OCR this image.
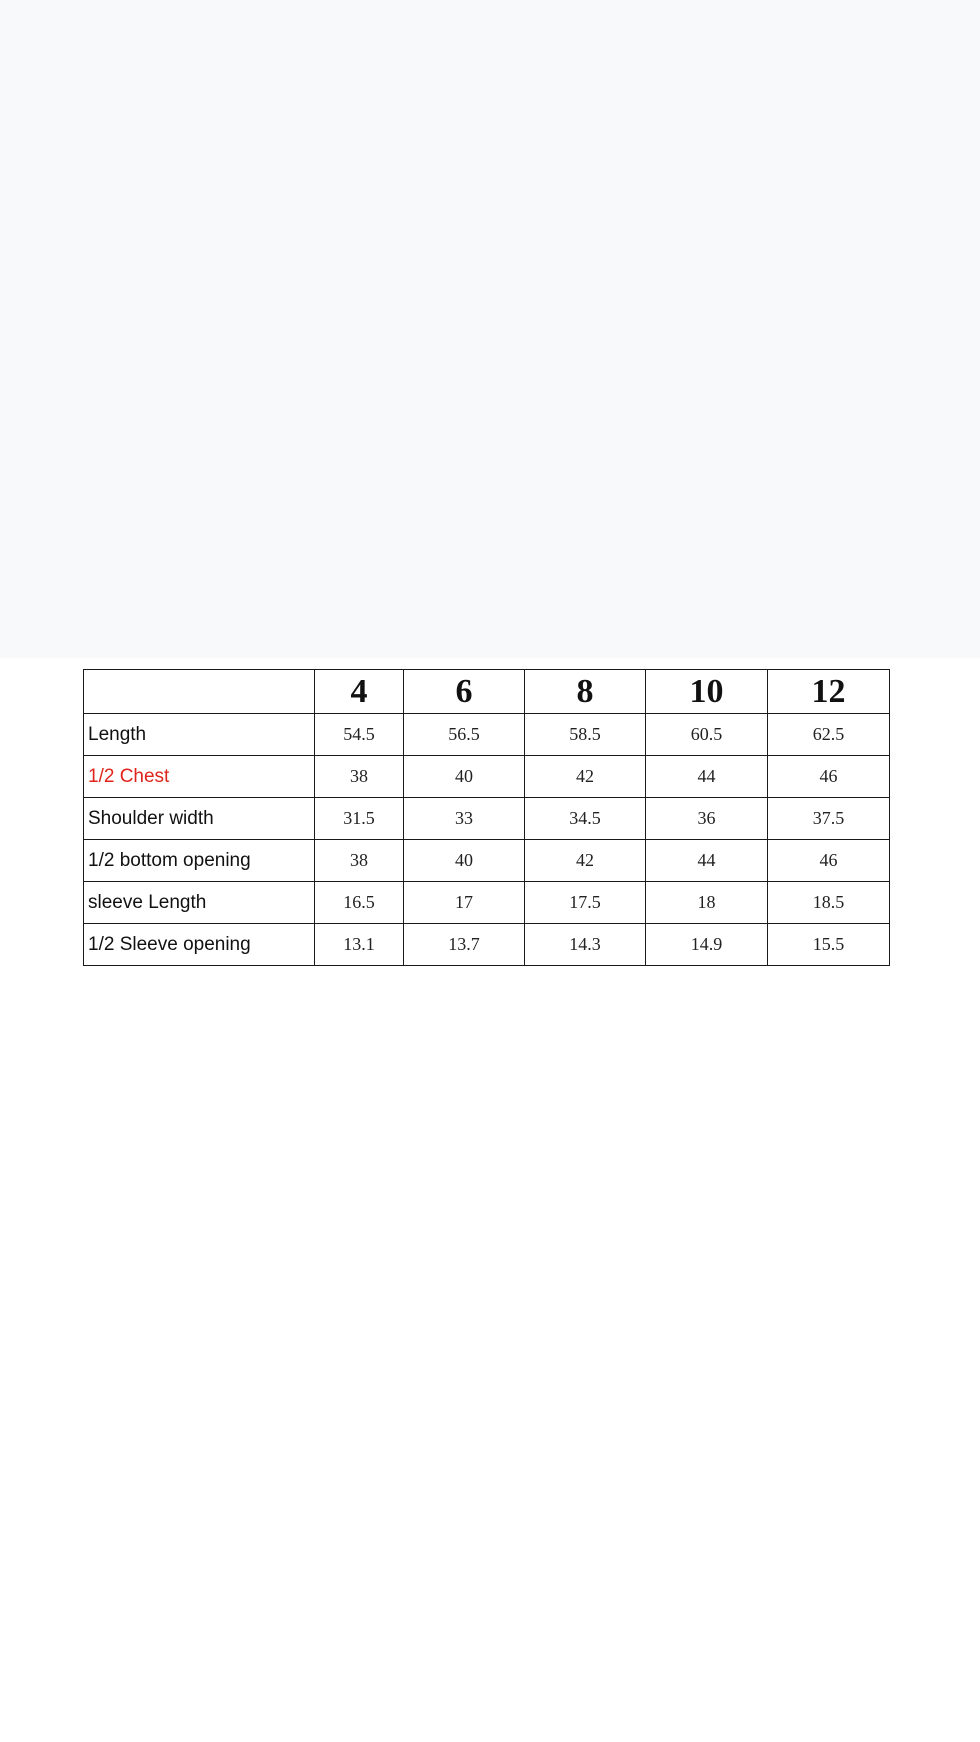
	4	6	8	10	12
Length	54.5	56.5	58.5	60.5	62.5
1/2 Chest	38	40	42	44	46
Shoulder width	31.5	33	34.5	36	37.5
1/2 bottom opening	38	40	42	44	46
sleeve Length	16.5	17	17.5	18	18.5
1/2 Sleeve opening	13.1	13.7	14.3	14.9	15.5
